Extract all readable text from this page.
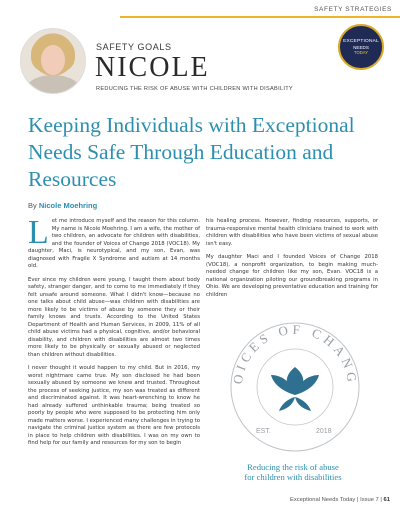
SAFETY STRATEGIES
SAFETY GOALS
NICOLE
REDUCING THE RISK OF ABUSE WITH CHILDREN WITH DISABILITY
EXCEPTIONAL
NEEDS
TODAY
Keeping Individuals with Exceptional Needs Safe Through Education and Resources
By Nicole Moehring

Let me introduce myself and the reason for this column. My name is Nicole Moehring. I am a wife, the mother of two children, an advocate for children with disabilities, and the founder of Voices of Change 2018 (VOC18). My daughter, Maci, is neurotypical, and my son, Evan, was diagnosed with Fragile X Syndrome and autism at 14 months old.

Ever since my children were young, I taught them about body safety, stranger danger, and to come to me immediately if they felt unsafe around someone. What I didn't know—because no one talks about child abuse—was children with disabilities are more likely to be victims of abuse by someone they or their family knows and trusts. According to the United States Department of Health and Human Services, in 2009, 11% of all child abuse victims had a physical, cognitive, and/or behavioral disability, and children with disabilities are almost two times more likely to be physically or sexually abused or neglected than children without disabilities.

I never thought it would happen to my child. But in 2016, my worst nightmare came true. My son disclosed he had been sexually abused by someone we knew and trusted. Throughout the process of seeking justice, my son was treated as different and discriminated against. It was heart-wrenching to know he had already suffered unthinkable trauma; being treated so poorly by people who were supposed to be protecting him only made matters worse. I experienced many challenges in trying to navigate the criminal justice system as there are few protocols in place to help children with disabilities. I was on my own to find help for our family and resources for my son to begin

his healing process. However, finding resources, supports, or trauma-responsive mental health clinicians trained to work with children with disabilities who have been victims of sexual abuse isn't easy.

My daughter Maci and I founded Voices of Change 2018 (VOC18), a nonprofit organization, to begin making much-needed change for children like my son, Evan. VOC18 is a national organization piloting our groundbreaking programs in Ohio. We are developing preventative education and training for children

OICES OF CHANG
EST.	2018
Reducing the risk of abuse
for children with disabilities
Exceptional Needs Today | Issue 7 | 61
